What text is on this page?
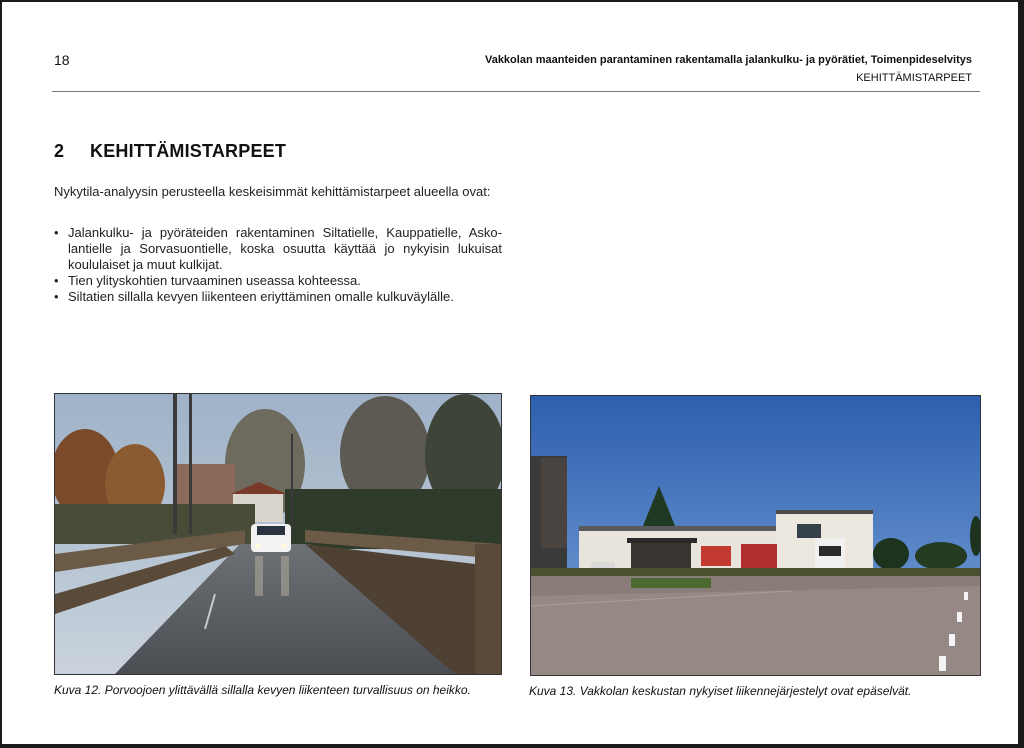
18	Vakkolan maanteiden parantaminen rakentamalla jalankulku- ja pyörätiet, Toimenpideselvitys
KEHITTÄMISTARPEET
2 KEHITTÄMISTARPEET
Nykytila-analyysin perusteella keskeisimmät kehittämistarpeet alueella ovat:
• Jalankulku- ja pyöräteiden rakentaminen Siltatielle, Kauppatielle, Asko-lantielle ja Sorvasuontielle, koska osuutta käyttää jo nykyisin lukuisat koululaiset ja muut kulkijat.
• Tien ylityskohtien turvaaminen useassa kohteessa.
• Siltatien sillalla kevyen liikenteen eriyttäminen omalle kulkuväylälle.
Kuva 12. Porvoojoen ylittävällä sillalla kevyen liikenteen turvallisuus on heikko.	Kuva 13. Vakkolan keskustan nykyiset liikennejärjestelyt ovat epäselvät.
